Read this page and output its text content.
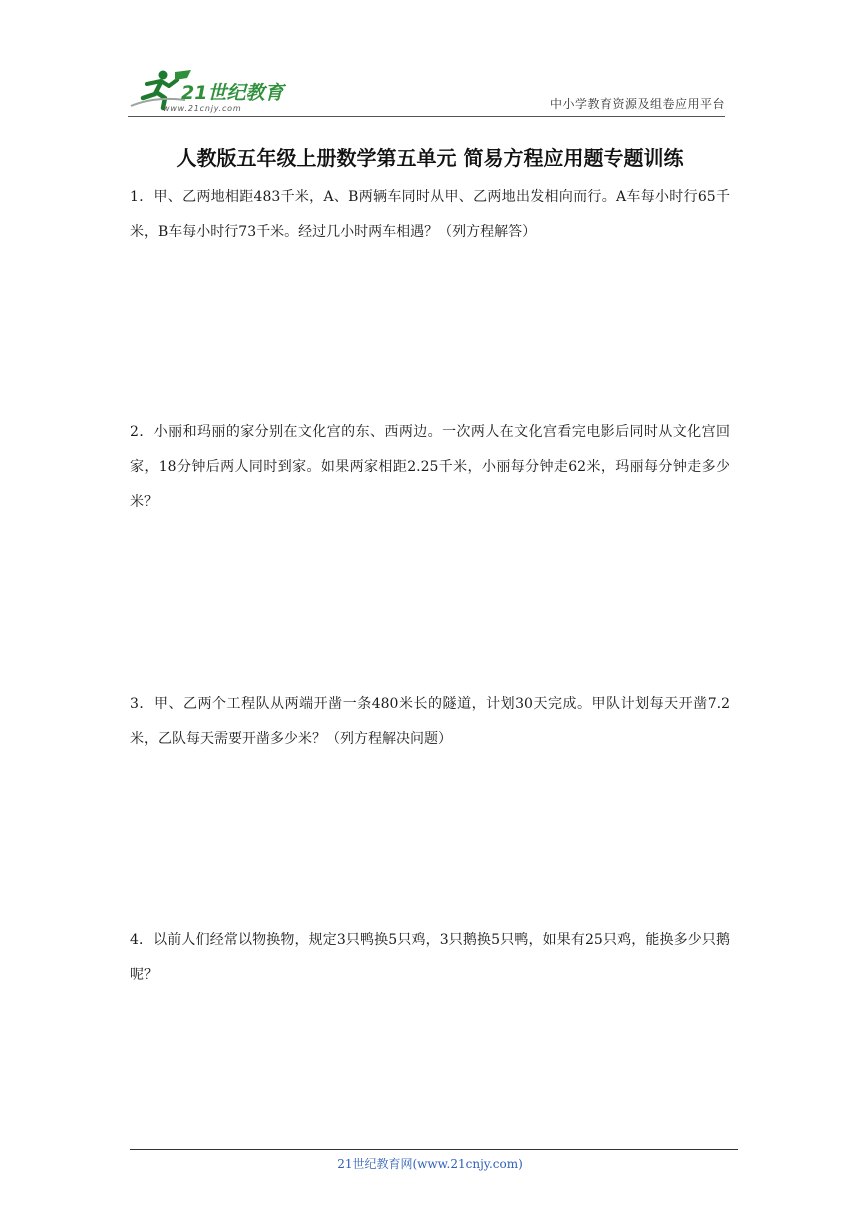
21世纪教育
www.21cnjy.com	中小学教育资源及组卷应用平台
人教版五年级上册数学第五单元 简易方程应用题专题训练
1．甲、乙两地相距483千米，A、B两辆车同时从甲、乙两地出发相向而行。A车每小时行65千米，B车每小时行73千米。经过几小时两车相遇？（列方程解答）
2．小丽和玛丽的家分别在文化宫的东、西两边。一次两人在文化宫看完电影后同时从文化宫回家，18分钟后两人同时到家。如果两家相距2.25千米，小丽每分钟走62米，玛丽每分钟走多少米？
3．甲、乙两个工程队从两端开凿一条480米长的隧道，计划30天完成。甲队计划每天开凿7.2米，乙队每天需要开凿多少米？（列方程解决问题）
4．以前人们经常以物换物，规定3只鸭换5只鸡，3只鹅换5只鸭，如果有25只鸡，能换多少只鹅呢？
21世纪教育网(www.21cnjy.com)
